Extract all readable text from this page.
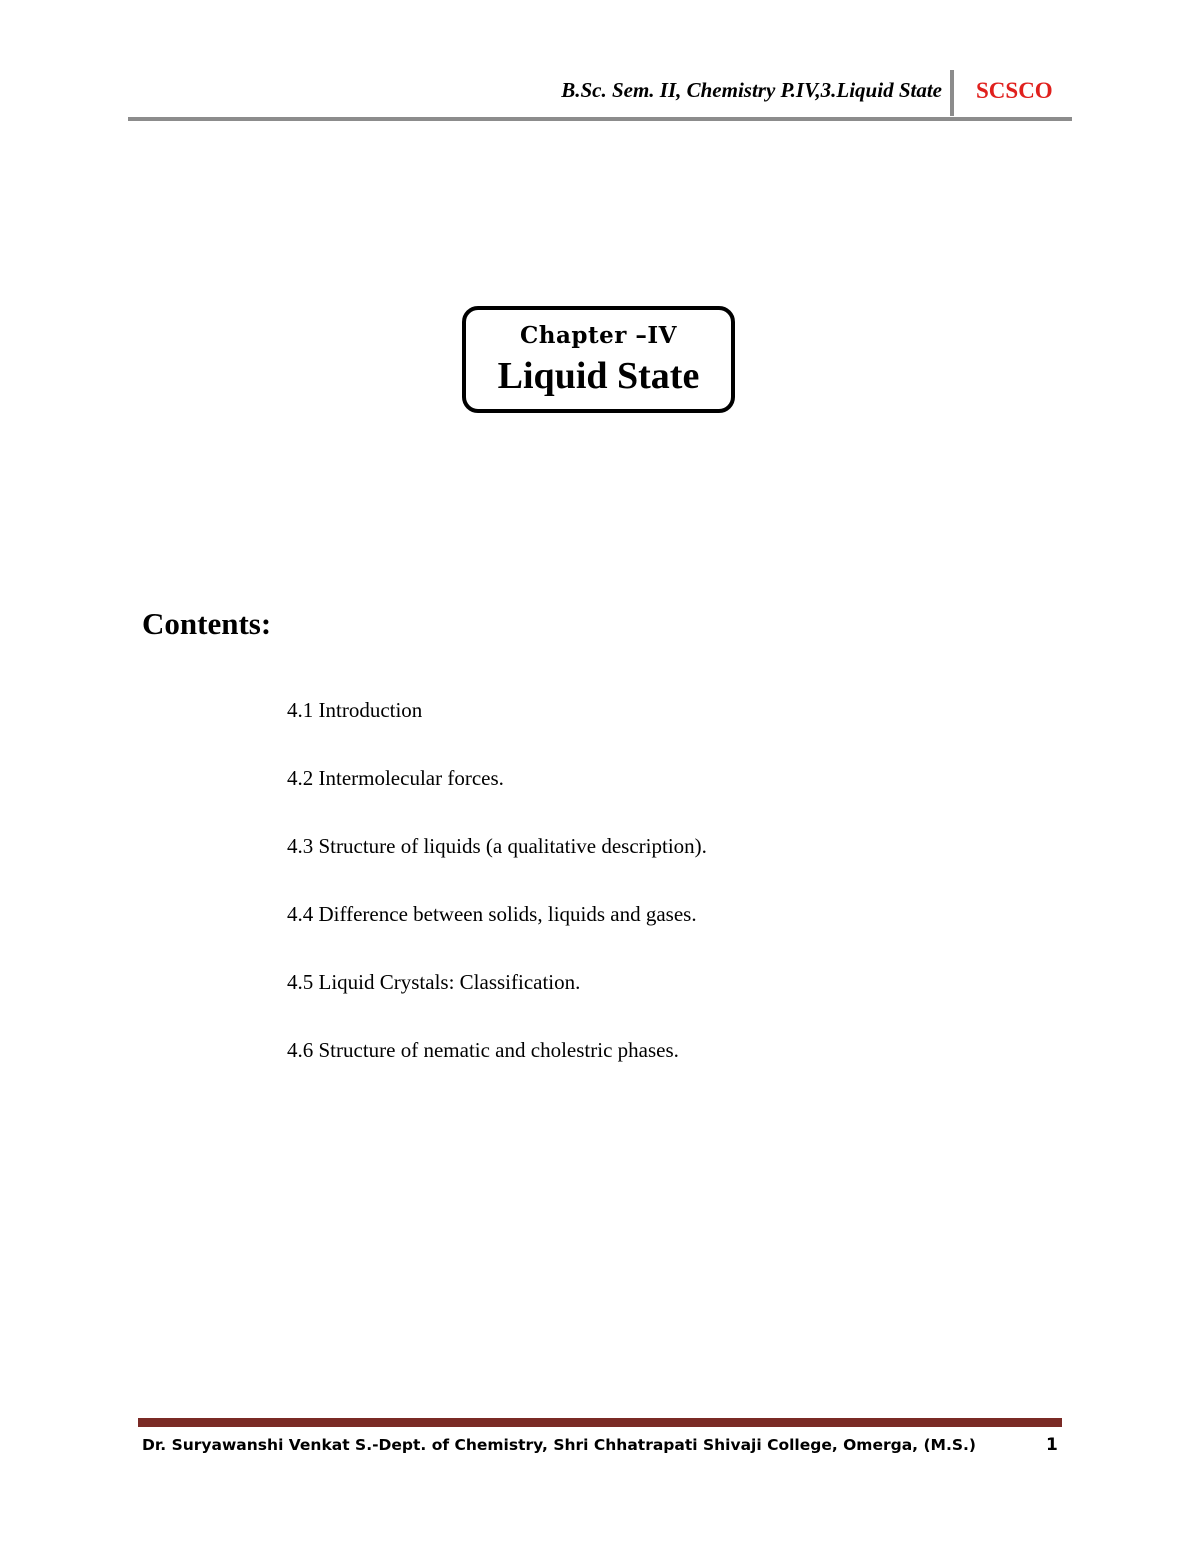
B.Sc. Sem. II, Chemistry P.IV,3.Liquid State SCSCO
Chapter –IV
Liquid State
Contents:
4.1 Introduction
4.2 Intermolecular forces.
4.3 Structure of liquids (a qualitative description).
4.4 Difference between solids, liquids and gases.
4.5 Liquid Crystals: Classification.
4.6 Structure of nematic and cholestric phases.
Dr. Suryawanshi Venkat S.-Dept. of Chemistry, Shri Chhatrapati Shivaji College, Omerga, (M.S.)	1
